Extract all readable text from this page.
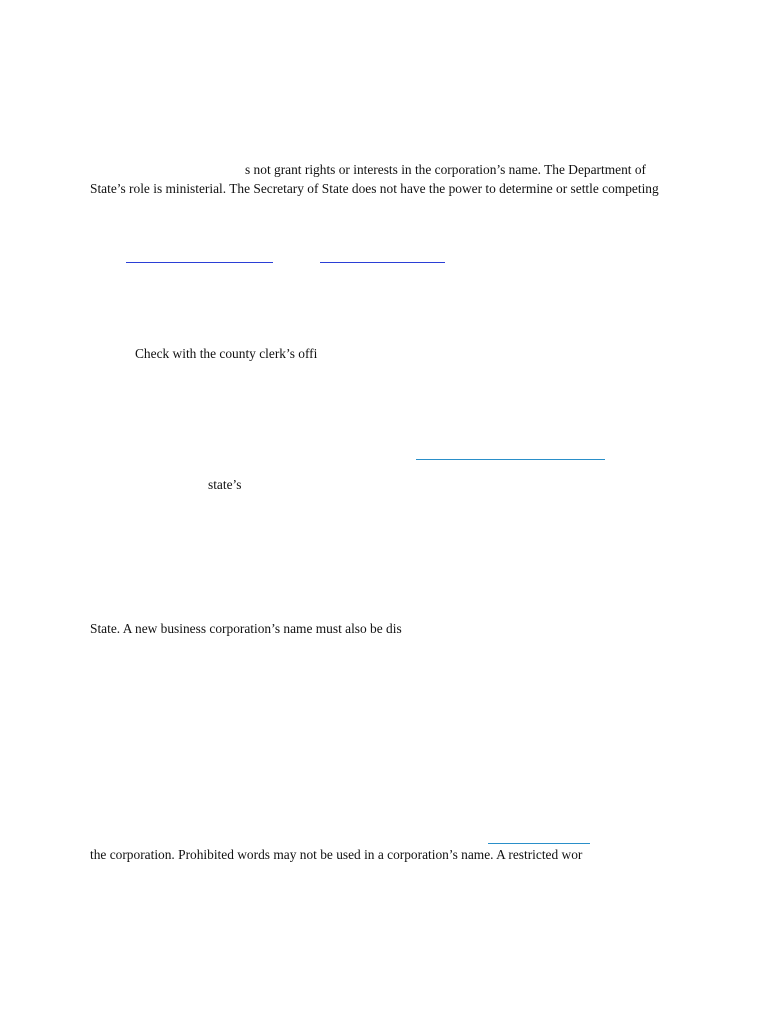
s not grant rights or interests in the corporation’s name. The Department of
State’s role is ministerial. The Secretary of State does not have the power to determine or settle competing
Check with the county clerk’s offi
state’s
State. A new business corporation’s name must also be dis
the corporation. Prohibited words may not be used in a corporation’s name. A restricted wor
